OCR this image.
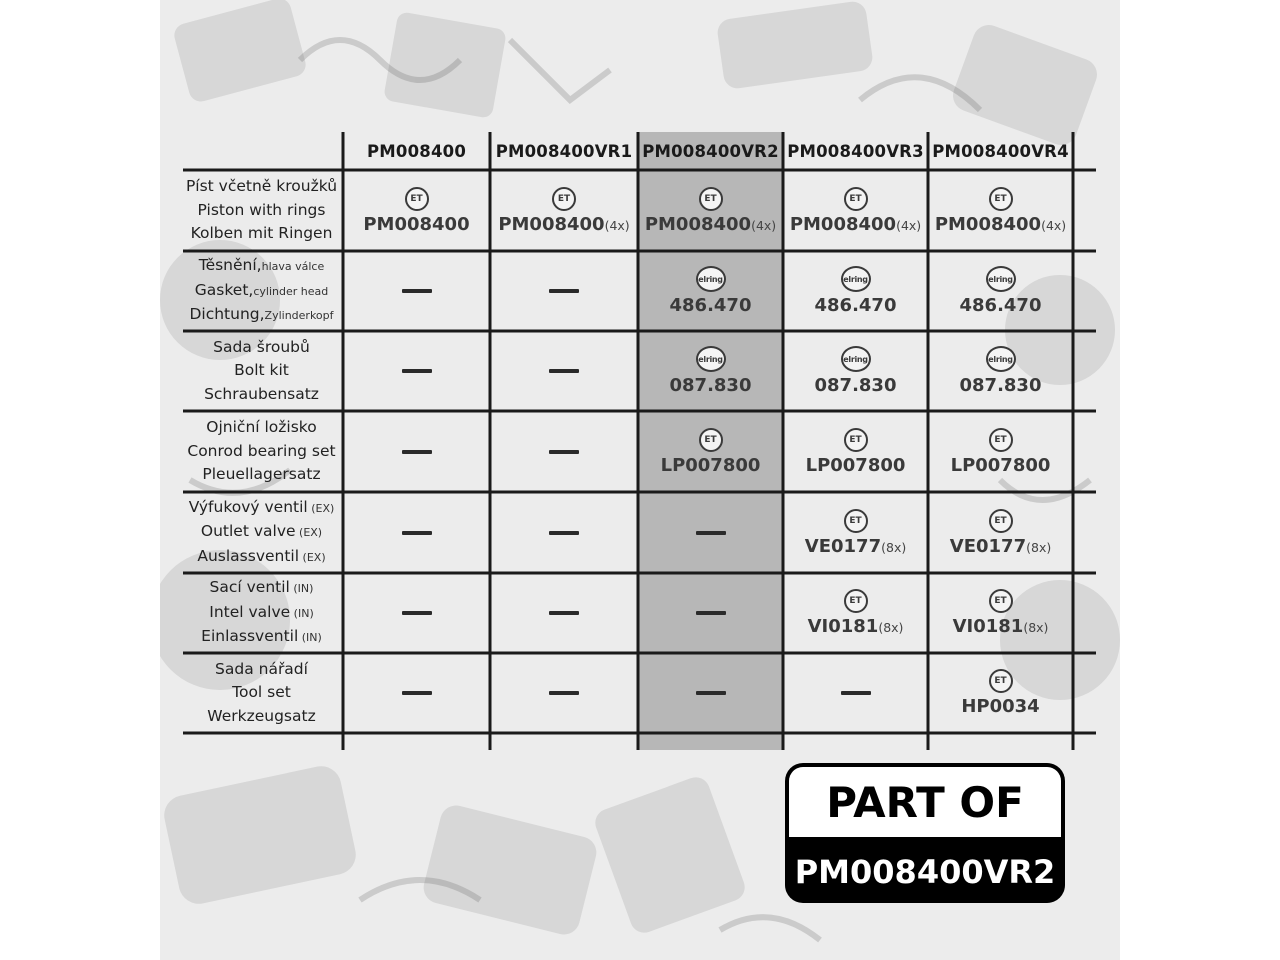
PM008400	PM008400VR1 PM008400VR2 PM008400VR3 PM008400VR4
Píst včetně kroužků
Piston with rings
Kolben mit Ringen
ET
PM008400
ET
PM008400(4x)
ET
PM008400(4x)
ET
PM008400(4x)
ET
PM008400(4x)
Těsnění,hlava válce
Gasket,cylinder head
Dichtung,Zylinderkopf
elring
486.470
elring
486.470
elring
486.470
Sada šroubů
Bolt kit
Schraubensatz
elring
087.830
elring
087.830
elring
087.830
Ojniční ložisko
Conrod bearing set
Pleuellagersatz
ET
LP007800
ET
LP007800
ET
LP007800
Výfukový ventil (EX)
Outlet valve (EX)
Auslassventil (EX)
ET
VE0177(8x)
ET
VE0177(8x)
Sací ventil (IN)
Intel valve (IN)
Einlassventil (IN)
ET
VI0181(8x)
ET
VI0181(8x)
Sada nářadí
Tool set
Werkzeugsatz
ET
HP0034
PART OF
PM008400VR2
